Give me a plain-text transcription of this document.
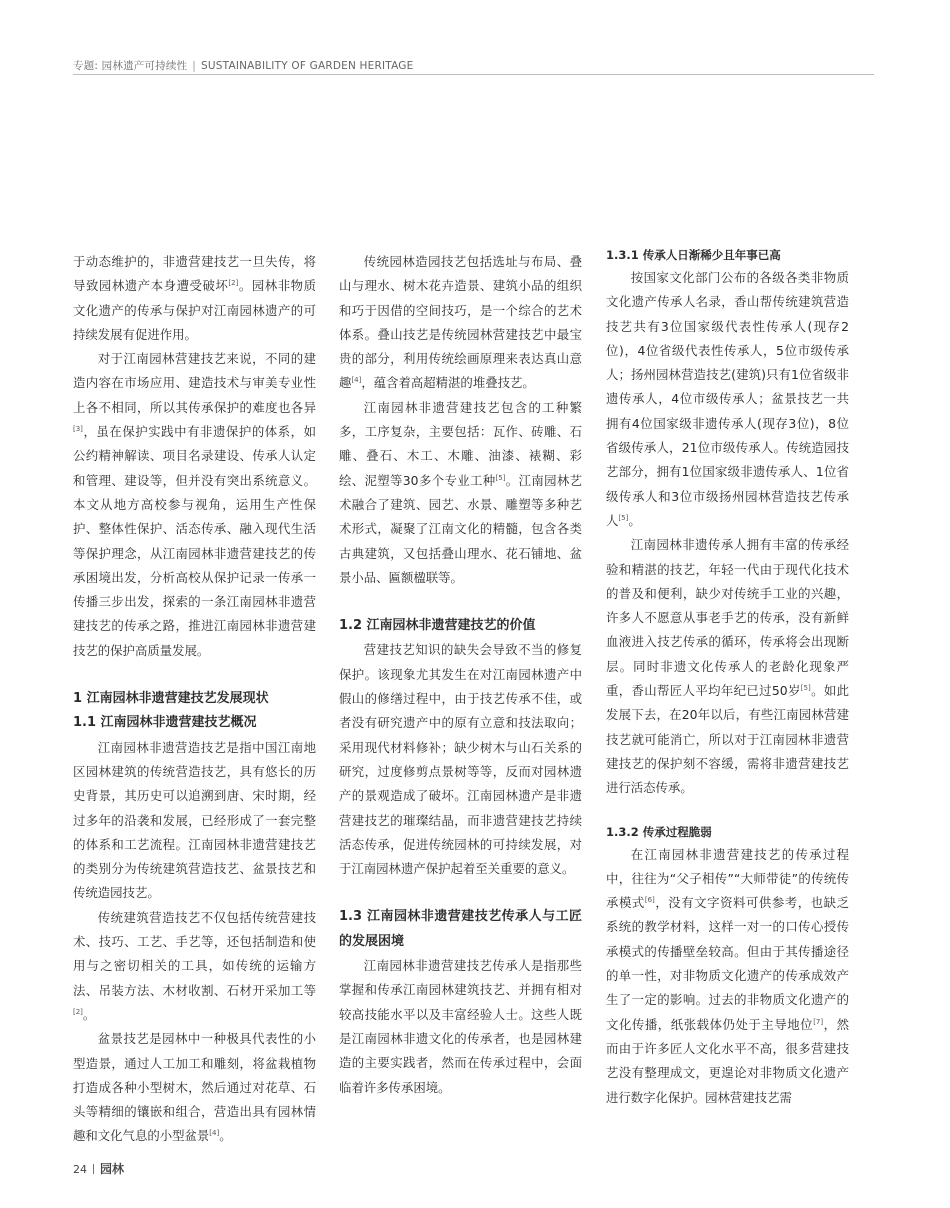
专题: 园林遗产可持续性 | SUSTAINABILITY OF GARDEN HERITAGE

于动态维护的，非遗营建技艺一旦失传，将导致园林遗产本身遭受破坏[2]。园林非物质文化遗产的传承与保护对江南园林遗产的可持续发展有促进作用。

对于江南园林营建技艺来说，不同的建造内容在市场应用、建造技术与审美专业性上各不相同，所以其传承保护的难度也各异[3]，虽在保护实践中有非遗保护的体系，如公约精神解读、项目名录建设、传承人认定和管理、建设等，但并没有突出系统意义。本文从地方高校参与视角，运用生产性保护、整体性保护、活态传承、融入现代生活等保护理念，从江南园林非遗营建技艺的传承困境出发，分析高校从保护记录一传承一传播三步出发，探索的一条江南园林非遗营建技艺的传承之路，推进江南园林非遗营建技艺的保护高质量发展。

1 江南园林非遗营建技艺发展现状
1.1 江南园林非遗营建技艺概况

江南园林非遗营造技艺是指中国江南地区园林建筑的传统营造技艺，具有悠长的历史背景，其历史可以追溯到唐、宋时期，经过多年的沿袭和发展，已经形成了一套完整的体系和工艺流程。江南园林非遗营建技艺的类别分为传统建筑营造技艺、盆景技艺和传统造园技艺。

传统建筑营造技艺不仅包括传统营建技术、技巧、工艺、手艺等，还包括制造和使用与之密切相关的工具，如传统的运输方法、吊装方法、木材收割、石材开采加工等[2]。

盆景技艺是园林中一种极具代表性的小型造景，通过人工加工和雕刻，将盆栽植物打造成各种小型树木，然后通过对花草、石头等精细的镶嵌和组合，营造出具有园林情趣和文化气息的小型盆景[4]。

传统园林造园技艺包括选址与布局、叠山与理水、树木花卉造景、建筑小品的组织和巧于因借的空间技巧，是一个综合的艺术体系。叠山技艺是传统园林营建技艺中最宝贵的部分，利用传统绘画原理来表达真山意趣[4]，蕴含着高超精湛的堆叠技艺。

江南园林非遗营建技艺包含的工种繁多，工序复杂，主要包括：瓦作、砖雕、石雕、叠石、木工、木雕、油漆、裱糊、彩绘、泥塑等30多个专业工种[5]。江南园林艺术融合了建筑、园艺、水景、雕塑等多种艺术形式，凝聚了江南文化的精髓，包含各类古典建筑，又包括叠山理水、花石铺地、盆景小品、匾额楹联等。

1.2 江南园林非遗营建技艺的价值

营建技艺知识的缺失会导致不当的修复保护。该现象尤其发生在对江南园林遗产中假山的修缮过程中，由于技艺传承不佳，或者没有研究遗产中的原有立意和技法取向；采用现代材料修补；缺少树木与山石关系的研究，过度修剪点景树等等，反而对园林遗产的景观造成了破坏。江南园林遗产是非遗营建技艺的璀璨结晶，而非遗营建技艺持续活态传承，促进传统园林的可持续发展，对于江南园林遗产保护起着至关重要的意义。

1.3 江南园林非遗营建技艺传承人与工匠的发展困境

江南园林非遗营建技艺传承人是指那些掌握和传承江南园林建筑技艺、并拥有相对较高技能水平以及丰富经验人士。这些人既是江南园林非遗文化的传承者，也是园林建造的主要实践者，然而在传承过程中，会面临着许多传承困境。

1.3.1 传承人日渐稀少且年事已高

按国家文化部门公布的各级各类非物质文化遗产传承人名录，香山帮传统建筑营造技艺共有3位国家级代表性传承人(现存2位)，4位省级代表性传承人，5位市级传承人；扬州园林营造技艺(建筑)只有1位省级非遗传承人，4位市级传承人；盆景技艺一共拥有4位国家级非遗传承人(现存3位)，8位省级传承人，21位市级传承人。传统造园技艺部分，拥有1位国家级非遗传承人、1位省级传承人和3位市级扬州园林营造技艺传承人[5]。

江南园林非遗传承人拥有丰富的传承经验和精湛的技艺，年轻一代由于现代化技术的普及和便利，缺少对传统手工业的兴趣，许多人不愿意从事老手艺的传承，没有新鲜血液进入技艺传承的循环，传承将会出现断层。同时非遗文化传承人的老龄化现象严重，香山帮匠人平均年纪已过50岁[5]。如此发展下去，在20年以后，有些江南园林营建技艺就可能消亡，所以对于江南园林非遗营建技艺的保护刻不容缓，需将非遗营建技艺进行活态传承。

1.3.2 传承过程脆弱

在江南园林非遗营建技艺的传承过程中，往往为“父子相传”“大师带徒”的传统传承模式[6]，没有文字资料可供参考，也缺乏系统的教学材料，这样一对一的口传心授传承模式的传播壁垒较高。但由于其传播途径的单一性，对非物质文化遗产的传承成效产生了一定的影响。过去的非物质文化遗产的文化传播，纸张载体仍处于主导地位[7]，然而由于许多匠人文化水平不高，很多营建技艺没有整理成文，更遑论对非物质文化遗产进行数字化保护。园林营建技艺需

24 园林
